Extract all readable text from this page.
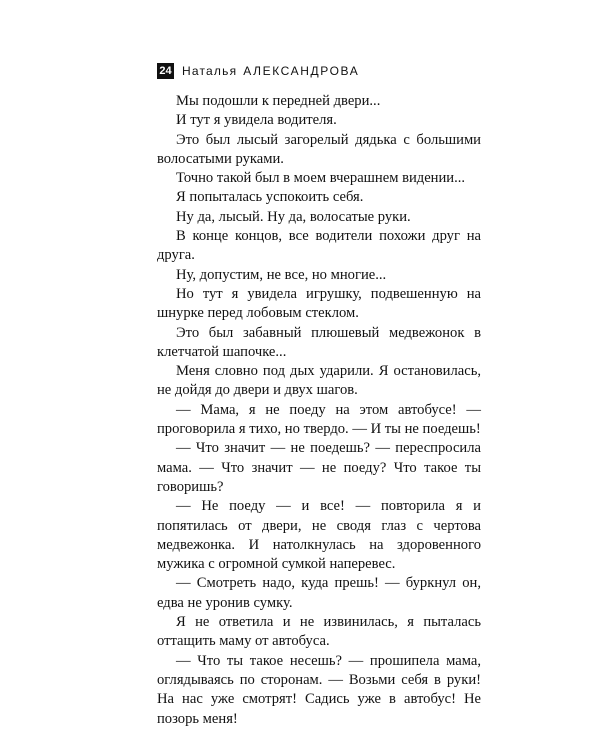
24 Наталья АЛЕКСАНДРОВА

Мы подошли к передней двери...

И тут я увидела водителя.

Это был лысый загорелый дядька с большими волосатыми руками.

Точно такой был в моем вчерашнем видении...

Я попыталась успокоить себя.

Ну да, лысый. Ну да, волосатые руки.

В конце концов, все водители похожи друг на друга.

Ну, допустим, не все, но многие...

Но тут я увидела игрушку, подвешенную на шнурке перед лобовым стеклом.

Это был забавный плюшевый медвежонок в клетчатой шапочке...

Меня словно под дых ударили. Я остановилась, не дойдя до двери и двух шагов.

— Мама, я не поеду на этом автобусе! — проговорила я тихо, но твердо. — И ты не поедешь!

— Что значит — не поедешь? — переспросила мама. — Что значит — не поеду? Что такое ты говоришь?

— Не поеду — и все! — повторила я и попятилась от двери, не сводя глаз с чертова медвежонка. И натолкнулась на здоровенного мужика с огромной сумкой наперевес.

— Смотреть надо, куда прешь! — буркнул он, едва не уронив сумку.

Я не ответила и не извинилась, я пыталась оттащить маму от автобуса.

— Что ты такое несешь? — прошипела мама, оглядываясь по сторонам. — Возьми себя в руки! На нас уже смотрят! Садись уже в автобус! Не позорь меня!
